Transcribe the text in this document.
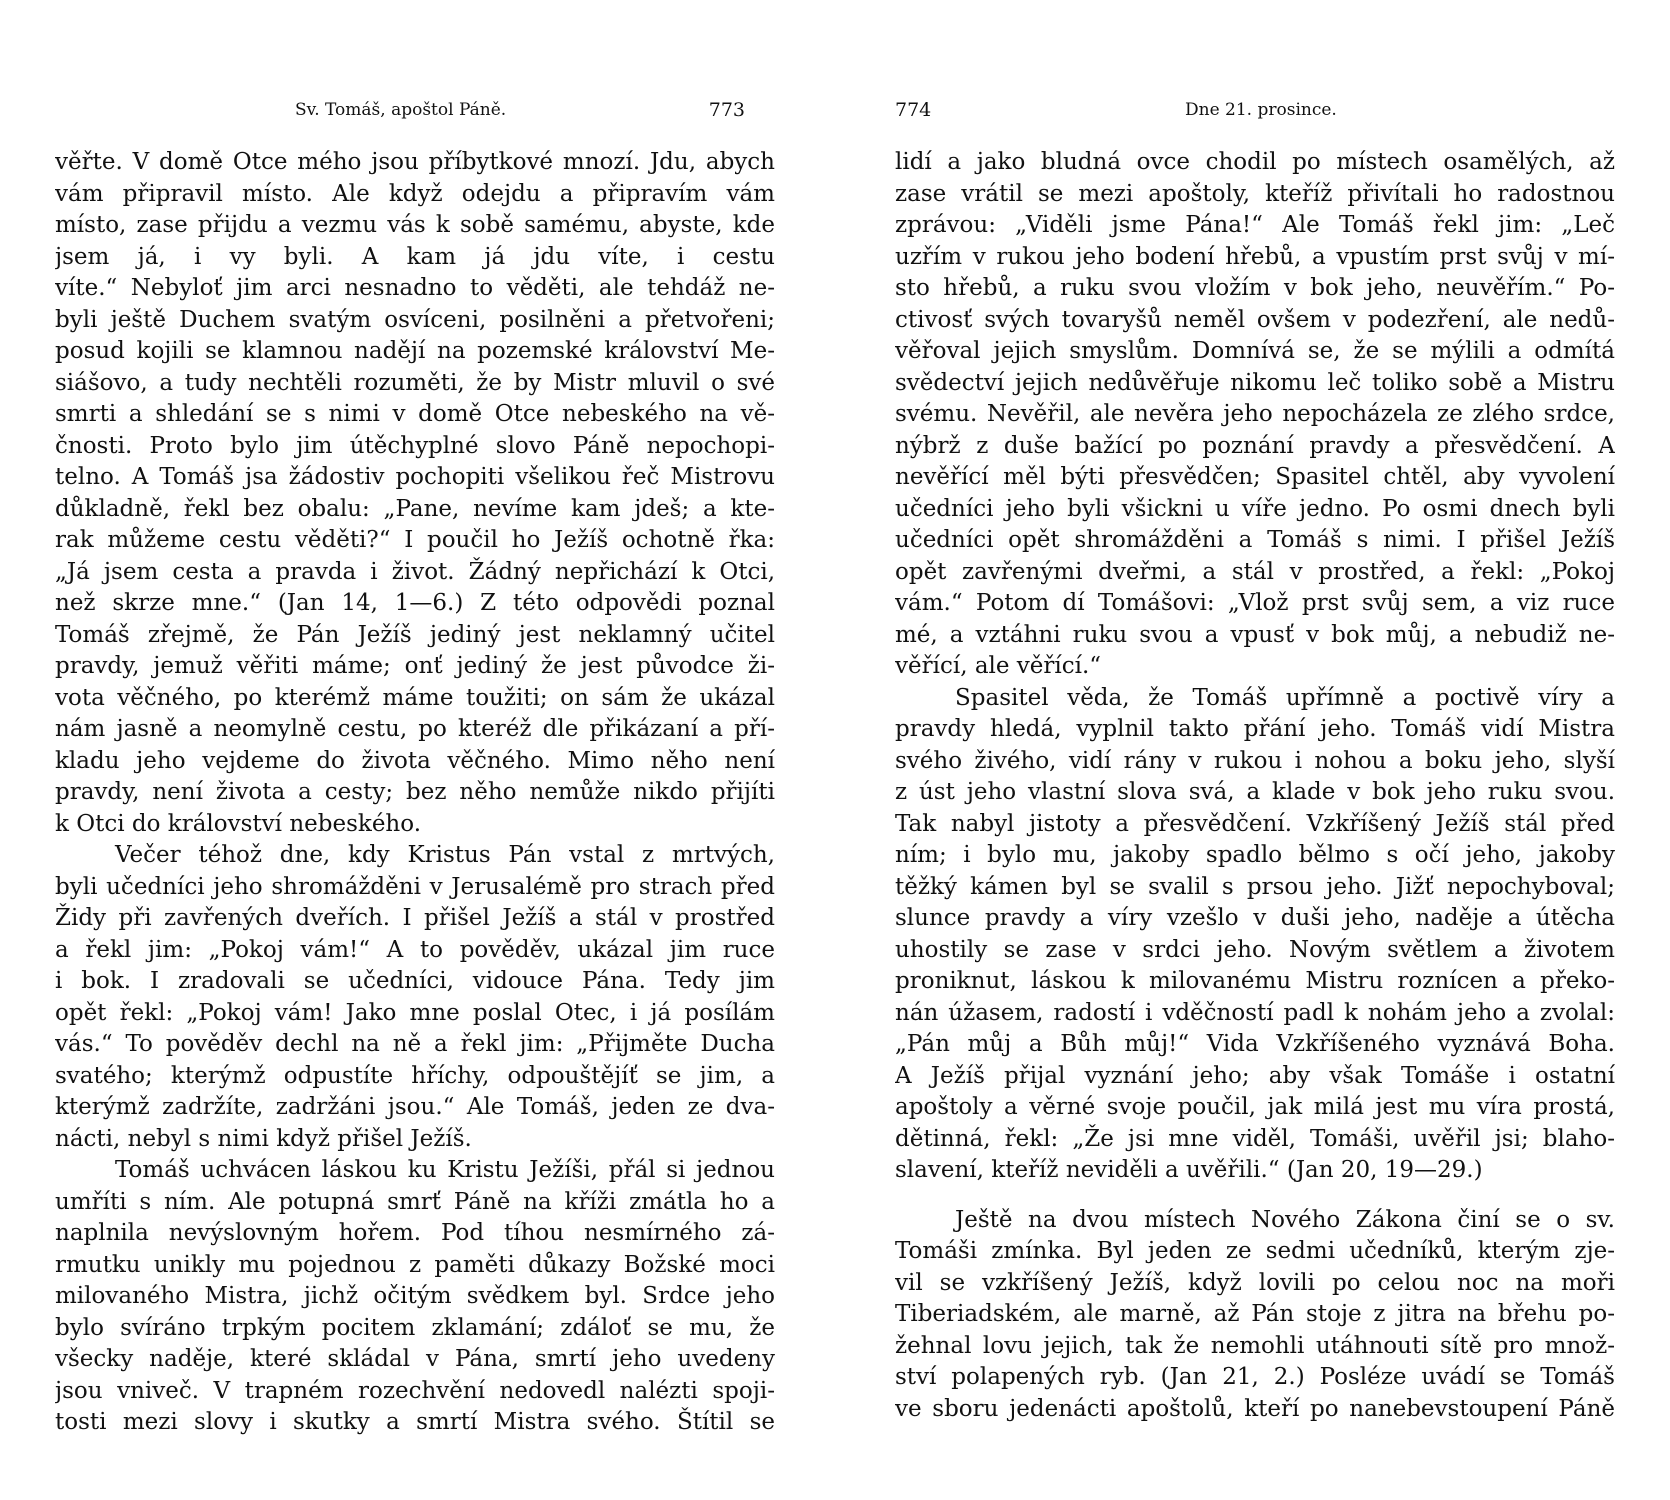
Sv. Tomáš, apoštol Páně.	773
věřte. V domě Otce mého jsou příbytkové mnozí. Jdu, abych
vám připravil místo. Ale když odejdu a připravím vám
místo, zase přijdu a vezmu vás k sobě samému, abyste, kde
jsem já, i vy byli. A kam já jdu víte, i cestu
víte.“ Nebyloť jim arci nesnadno to věděti, ale tehdáž ne-
byli ještě Duchem svatým osvíceni, posilněni a přetvořeni;
posud kojili se klamnou nadějí na pozemské království Me-
siášovo, a tudy nechtěli rozuměti, že by Mistr mluvil o své
smrti a shledání se s nimi v domě Otce nebeského na vě-
čnosti. Proto bylo jim útěchyplné slovo Páně nepochopi-
telno. A Tomáš jsa žádostiv pochopiti všelikou řeč Mistrovu
důkladně, řekl bez obalu: „Pane, nevíme kam jdeš; a kte-
rak můžeme cestu věděti?“ I poučil ho Ježíš ochotně řka:
„Já jsem cesta a pravda i život. Žádný nepřichází k Otci,
než skrze mne.“ (Jan 14, 1—6.) Z této odpovědi poznal
Tomáš zřejmě, že Pán Ježíš jediný jest neklamný učitel
pravdy, jemuž věřiti máme; onť jediný že jest původce ži-
vota věčného, po kterémž máme toužiti; on sám že ukázal
nám jasně a neomylně cestu, po kteréž dle přikázaní a pří-
kladu jeho vejdeme do života věčného. Mimo něho není
pravdy, není života a cesty; bez něho nemůže nikdo přijíti
k Otci do království nebeského.
Večer téhož dne, kdy Kristus Pán vstal z mrtvých,
byli učedníci jeho shromážděni v Jerusalémě pro strach před
Židy při zavřených dveřích. I přišel Ježíš a stál v prostřed
a řekl jim: „Pokoj vám!“ A to pověděv, ukázal jim ruce
i bok. I zradovali se učedníci, vidouce Pána. Tedy jim
opět řekl: „Pokoj vám! Jako mne poslal Otec, i já posílám
vás.“ To pověděv dechl na ně a řekl jim: „Přijměte Ducha
svatého; kterýmž odpustíte hříchy, odpouštějíť se jim, a
kterýmž zadržíte, zadržáni jsou.“ Ale Tomáš, jeden ze dva-
nácti, nebyl s nimi když přišel Ježíš.
Tomáš uchvácen láskou ku Kristu Ježíši, přál si jednou
umříti s ním. Ale potupná smrť Páně na kříži zmátla ho a
naplnila nevýslovným hořem. Pod tíhou nesmírného zá-
rmutku unikly mu pojednou z paměti důkazy Božské moci
milovaného Mistra, jichž očitým svědkem byl. Srdce jeho
bylo svíráno trpkým pocitem zklamání; zdáloť se mu, že
všecky naděje, které skládal v Pána, smrtí jeho uvedeny
jsou vniveč. V trapném rozechvění nedovedl nalézti spoji-
tosti mezi slovy i skutky a smrtí Mistra svého. Štítil se
774	Dne 21. prosince.
lidí a jako bludná ovce chodil po místech osamělých, až
zase vrátil se mezi apoštoly, kteříž přivítali ho radostnou
zprávou: „Viděli jsme Pána!“ Ale Tomáš řekl jim: „Leč
uzřím v rukou jeho bodení hřebů, a vpustím prst svůj v mí-
sto hřebů, a ruku svou vložím v bok jeho, neuvěřím.“ Po-
ctivosť svých tovaryšů neměl ovšem v podezření, ale nedů-
věřoval jejich smyslům. Domnívá se, že se mýlili a odmítá
svědectví jejich nedůvěřuje nikomu leč toliko sobě a Mistru
svému. Nevěřil, ale nevěra jeho nepocházela ze zlého srdce,
nýbrž z duše bažící po poznání pravdy a přesvědčení. A
nevěřící měl býti přesvědčen; Spasitel chtěl, aby vyvolení
učedníci jeho byli všickni u víře jedno. Po osmi dnech byli
učedníci opět shromážděni a Tomáš s nimi. I přišel Ježíš
opět zavřenými dveřmi, a stál v prostřed, a řekl: „Pokoj
vám.“ Potom dí Tomášovi: „Vlož prst svůj sem, a viz ruce
mé, a vztáhni ruku svou a vpusť v bok můj, a nebudiž ne-
věřící, ale věřící.“
Spasitel věda, že Tomáš upřímně a poctivě víry a
pravdy hledá, vyplnil takto přání jeho. Tomáš vidí Mistra
svého živého, vidí rány v rukou i nohou a boku jeho, slyší
z úst jeho vlastní slova svá, a klade v bok jeho ruku svou.
Tak nabyl jistoty a přesvědčení. Vzkříšený Ježíš stál před
ním; i bylo mu, jakoby spadlo bělmo s očí jeho, jakoby
těžký kámen byl se svalil s prsou jeho. Jižť nepochyboval;
slunce pravdy a víry vzešlo v duši jeho, naděje a útěcha
uhostily se zase v srdci jeho. Novým světlem a životem
proniknut, láskou k milovanému Mistru roznícen a překo-
nán úžasem, radostí i vděčností padl k nohám jeho a zvolal:
„Pán můj a Bůh můj!“ Vida Vzkříšeného vyznává Boha.
A Ježíš přijal vyznání jeho; aby však Tomáše i ostatní
apoštoly a věrné svoje poučil, jak milá jest mu víra prostá,
dětinná, řekl: „Že jsi mne viděl, Tomáši, uvěřil jsi; blaho-
slavení, kteříž neviděli a uvěřili.“ (Jan 20, 19—29.)
Ještě na dvou místech Nového Zákona činí se o sv.
Tomáši zmínka. Byl jeden ze sedmi učedníků, kterým zje-
vil se vzkříšený Ježíš, když lovili po celou noc na moři
Tiberiadském, ale marně, až Pán stoje z jitra na břehu po-
žehnal lovu jejich, tak že nemohli utáhnouti sítě pro množ-
ství polapených ryb. (Jan 21, 2.) Posléze uvádí se Tomáš
ve sboru jedenácti apoštolů, kteří po nanebevstoupení Páně
